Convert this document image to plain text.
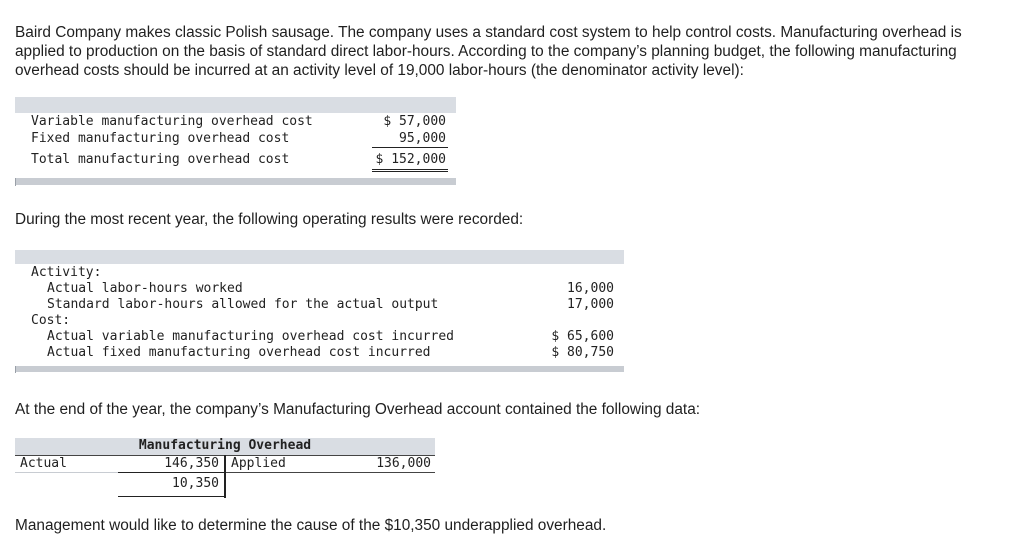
Baird Company makes classic Polish sausage. The company uses a standard cost system to help control costs. Manufacturing overhead is applied to production on the basis of standard direct labor-hours. According to the company’s planning budget, the following manufacturing overhead costs should be incurred at an activity level of 19,000 labor-hours (the denominator activity level):

Variable manufacturing overhead cost	$ 57,000
Fixed manufacturing overhead cost	95,000
Total manufacturing overhead cost	$ 152,000

During the most recent year, the following operating results were recorded:

Activity:
Actual labor-hours worked	16,000
Standard labor-hours allowed for the actual output	17,000
Cost:
Actual variable manufacturing overhead cost incurred	$ 65,600
Actual fixed manufacturing overhead cost incurred	$ 80,750

At the end of the year, the company’s Manufacturing Overhead account contained the following data:

Manufacturing Overhead
Actual	146,350 Applied	136,000
10,350

Management would like to determine the cause of the $10,350 underapplied overhead.
